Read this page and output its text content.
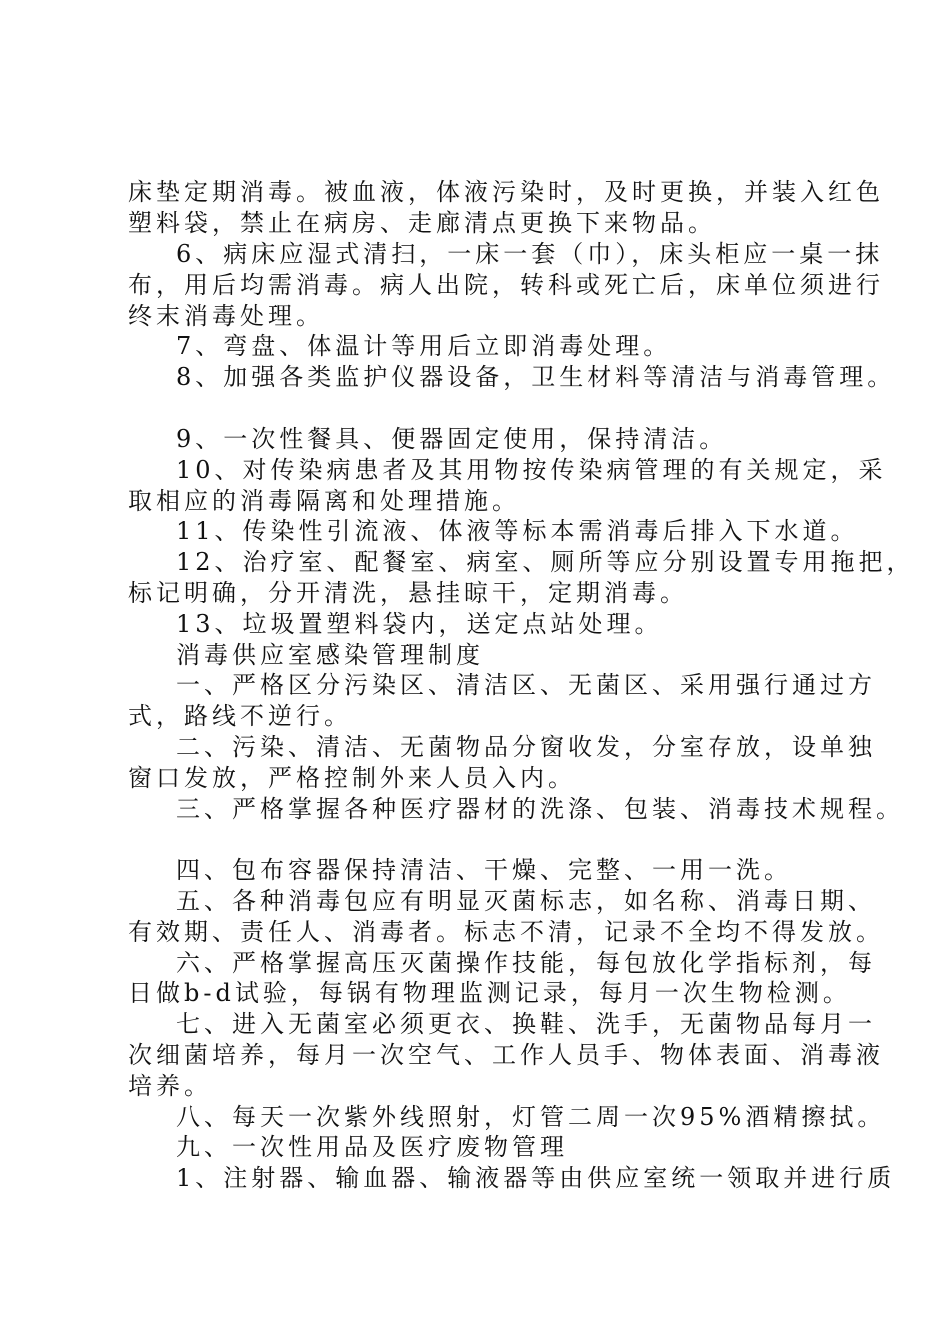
床垫定期消毒。被血液，体液污染时，及时更换，并装入红色
塑料袋，禁止在病房、走廊清点更换下来物品。
6、病床应湿式清扫，一床一套（巾），床头柜应一桌一抹
布，用后均需消毒。病人出院，转科或死亡后，床单位须进行
终末消毒处理。
7、弯盘、体温计等用后立即消毒处理。
8、加强各类监护仪器设备，卫生材料等清洁与消毒管理。
9、一次性餐具、便器固定使用，保持清洁。
10、对传染病患者及其用物按传染病管理的有关规定，采
取相应的消毒隔离和处理措施。
11、传染性引流液、体液等标本需消毒后排入下水道。
12、治疗室、配餐室、病室、厕所等应分别设置专用拖把，
标记明确，分开清洗，悬挂晾干，定期消毒。
13、垃圾置塑料袋内，送定点站处理。
消毒供应室感染管理制度
一、严格区分污染区、清洁区、无菌区、采用强行通过方
式，路线不逆行。
二、污染、清洁、无菌物品分窗收发，分室存放，设单独
窗口发放，严格控制外来人员入内。
三、严格掌握各种医疗器材的洗涤、包装、消毒技术规程。
四、包布容器保持清洁、干燥、完整、一用一洗。
五、各种消毒包应有明显灭菌标志，如名称、消毒日期、
有效期、责任人、消毒者。标志不清，记录不全均不得发放。
六、严格掌握高压灭菌操作技能，每包放化学指标剂，每
日做b-d试验，每锅有物理监测记录，每月一次生物检测。
七、进入无菌室必须更衣、换鞋、洗手，无菌物品每月一
次细菌培养，每月一次空气、工作人员手、物体表面、消毒液
培养。
八、每天一次紫外线照射，灯管二周一次95%酒精擦拭。
九、一次性用品及医疗废物管理
1、注射器、输血器、输液器等由供应室统一领取并进行质
